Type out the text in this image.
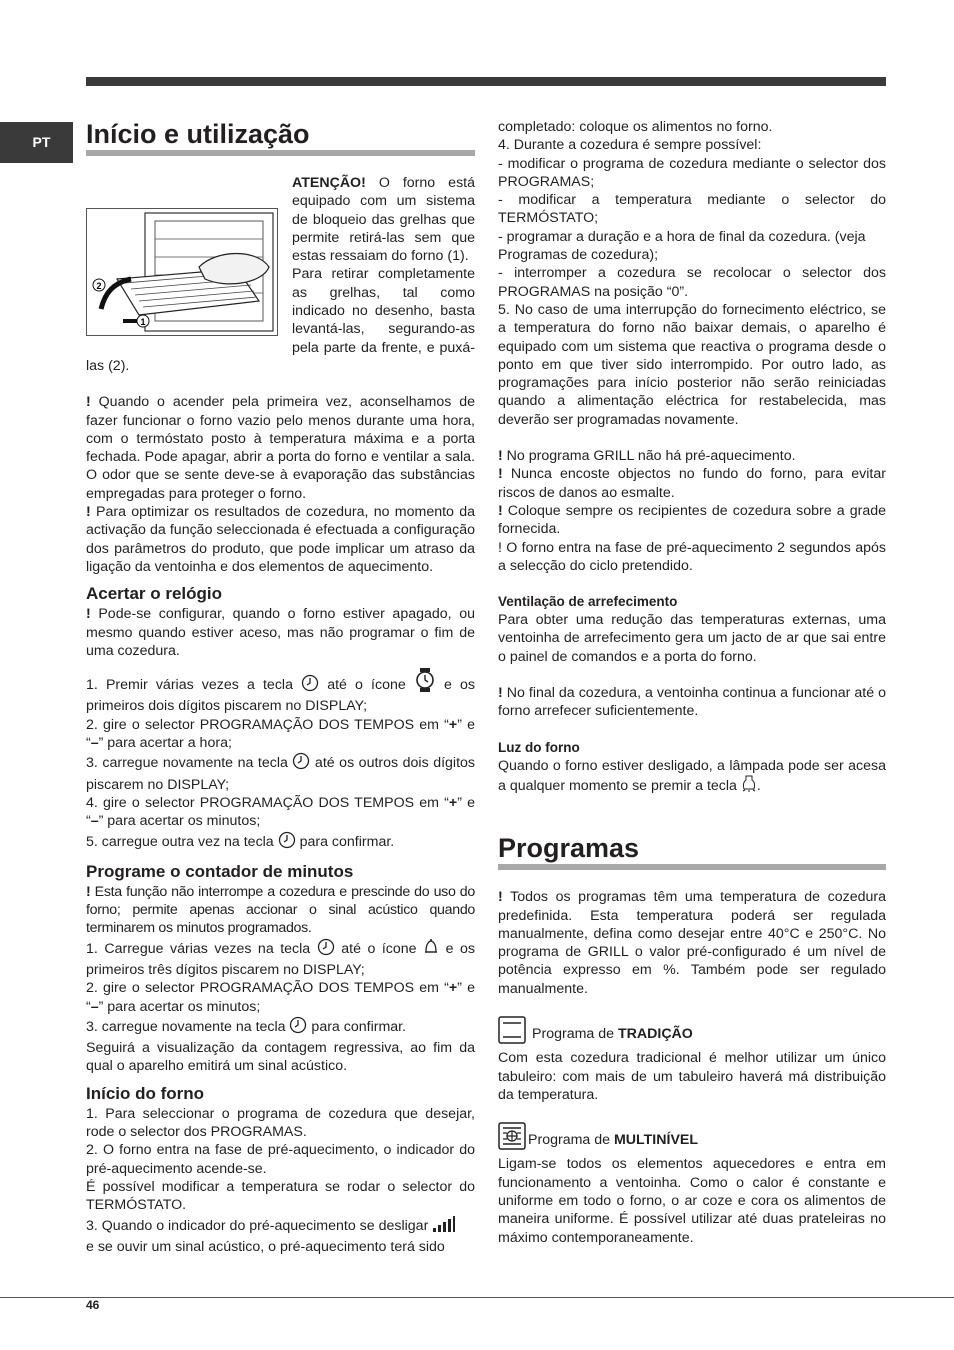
PT	Início e utilização
2
1

ATENÇÃO! O forno está equipado com um sistema de bloqueio das grelhas que permite retirá-las sem que estas ressaiam do forno (1).

Para retirar completamente as grelhas, tal como indicado no desenho, basta levantá-las, segurando-as pela parte da frente, e puxá-las (2).

! Quando o acender pela primeira vez, aconselhamos de fazer funcionar o forno vazio pelo menos durante uma hora, com o termóstato posto à temperatura máxima e a porta fechada. Pode apagar, abrir a porta do forno e ventilar a sala. O odor que se sente deve-se à evaporação das substâncias empregadas para proteger o forno.

! Para optimizar os resultados de cozedura, no momento da activação da função seleccionada é efectuada a configuração dos parâmetros do produto, que pode implicar um atraso da ligação da ventoinha e dos elementos de aquecimento.

Acertar o relógio

! Pode-se configurar, quando o forno estiver apagado, ou mesmo quando estiver aceso, mas não programar o fim de uma cozedura.

1. Premir várias vezes a tecla  até o ícone  e os primeiros dois dígitos piscarem no DISPLAY;

2. gire o selector PROGRAMAÇÃO DOS TEMPOS em “+” e “–” para acertar a hora;

3. carregue novamente na tecla  até os outros dois dígitos piscarem no DISPLAY;

4. gire o selector PROGRAMAÇÃO DOS TEMPOS em “+” e “–” para acertar os minutos;

5. carregue outra vez na tecla  para confirmar.

Programe o contador de minutos

! Esta função não interrompe a cozedura e prescinde do uso do forno; permite apenas accionar o sinal acústico quando terminarem os minutos programados.

1. Carregue várias vezes na tecla  até o ícone  e os primeiros três dígitos piscarem no DISPLAY;

2. gire o selector PROGRAMAÇÃO DOS TEMPOS em “+” e “–” para acertar os minutos;

3. carregue novamente na tecla  para confirmar.

Seguirá a visualização da contagem regressiva, ao fim da qual o aparelho emitirá um sinal acústico.

Início do forno

1. Para seleccionar o programa de cozedura que desejar, rode o selector dos PROGRAMAS.

2. O forno entra na fase de pré-aquecimento, o indicador do pré-aquecimento acende-se.

É possível modificar a temperatura se rodar o selector do TERMÓSTATO.

3. Quando o indicador do pré-aquecimento se desligar
e se ouvir um sinal acústico, o pré-aquecimento terá sido

completado: coloque os alimentos no forno.

4. Durante a cozedura é sempre possível:

- modificar o programa de cozedura mediante o selector dos PROGRAMAS;

- modificar a temperatura mediante o selector do TERMÓSTATO;

- programar a duração e a hora de final da cozedura. (veja Programas de cozedura);

- interromper a cozedura se recolocar o selector dos PROGRAMAS na posição “0”.

5. No caso de uma interrupção do fornecimento eléctrico, se a temperatura do forno não baixar demais, o aparelho é equipado com um sistema que reactiva o programa desde o ponto em que tiver sido interrompido. Por outro lado, as programações para início posterior não serão reiniciadas quando a alimentação eléctrica for restabelecida, mas deverão ser programadas novamente.

! No programa GRILL não há pré-aquecimento.

! Nunca encoste objectos no fundo do forno, para evitar riscos de danos ao esmalte.

! Coloque sempre os recipientes de cozedura sobre a grade fornecida.

! O forno entra na fase de pré-aquecimento 2 segundos após a selecção do ciclo pretendido.

Ventilação de arrefecimento

Para obter uma redução das temperaturas externas, uma ventoinha de arrefecimento gera um jacto de ar que sai entre o painel de comandos e a porta do forno.

! No final da cozedura, a ventoinha continua a funcionar até o forno arrefecer suficientemente.

Luz do forno

Quando o forno estiver desligado, a lâmpada pode ser acesa a qualquer momento se premir a tecla .

Programas

! Todos os programas têm uma temperatura de cozedura predefinida. Esta temperatura poderá ser regulada manualmente, defina como desejar entre 40°C e 250°C. No programa de GRILL o valor pré-configurado é um nível de potência expresso em %. Também pode ser regulado manualmente.

Programa de TRADIÇÃO

Com esta cozedura tradicional é melhor utilizar um único tabuleiro: com mais de um tabuleiro haverá má distribuição da temperatura.

Programa de MULTINÍVEL

Ligam-se todos os elementos aquecedores e entra em funcionamento a ventoinha. Como o calor é constante e uniforme em todo o forno, o ar coze e cora os alimentos de maneira uniforme. É possível utilizar até duas prateleiras no máximo contemporaneamente.

46
